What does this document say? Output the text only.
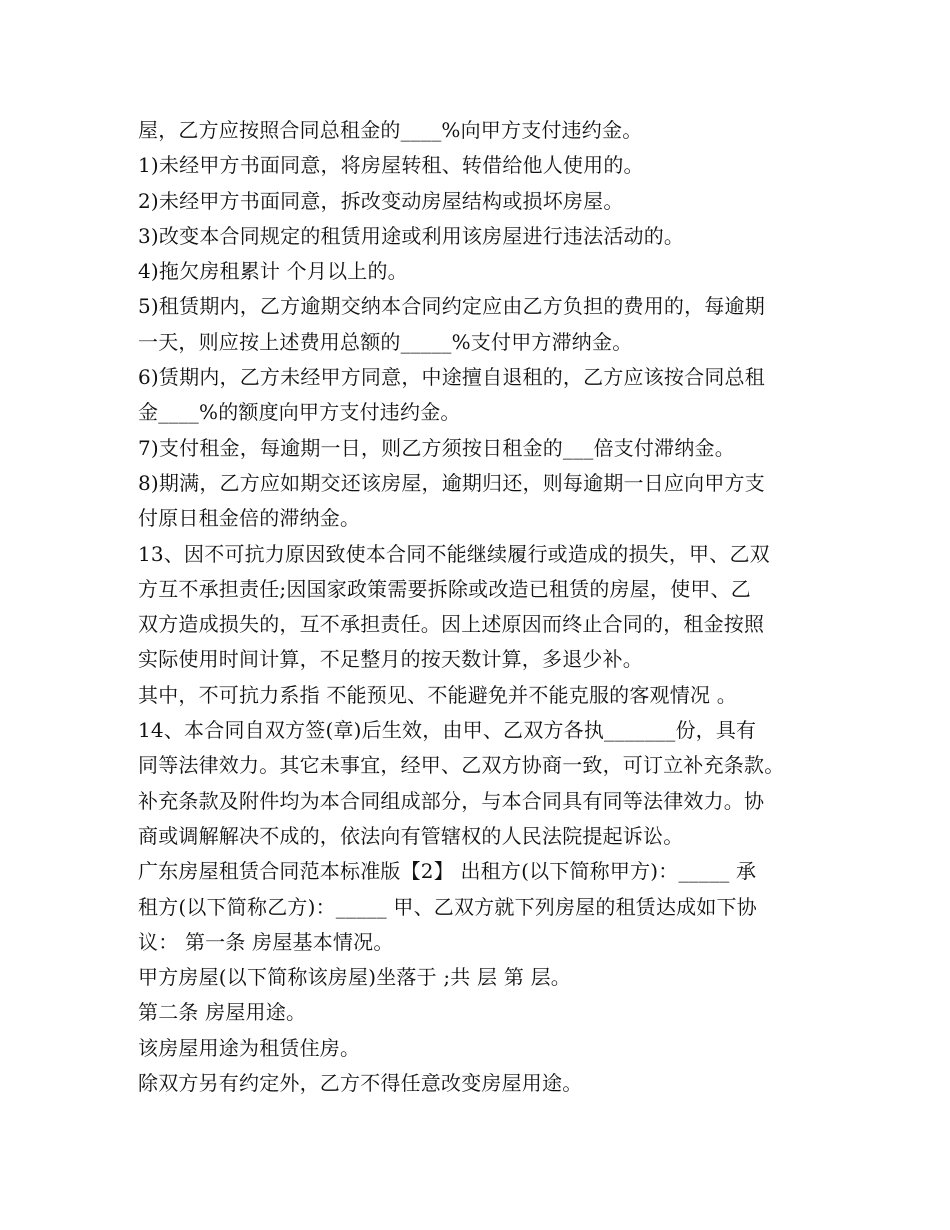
屋，乙方应按照合同总租金的____%向甲方支付违约金。
1)未经甲方书面同意，将房屋转租、转借给他人使用的。
2)未经甲方书面同意，拆改变动房屋结构或损坏房屋。
3)改变本合同规定的租赁用途或利用该房屋进行违法活动的。
4)拖欠房租累计 个月以上的。
5)租赁期内，乙方逾期交纳本合同约定应由乙方负担的费用的，每逾期
一天，则应按上述费用总额的_____%支付甲方滞纳金。
6)赁期内，乙方未经甲方同意，中途擅自退租的，乙方应该按合同总租
金____%的额度向甲方支付违约金。
7)支付租金，每逾期一日，则乙方须按日租金的___倍支付滞纳金。
8)期满，乙方应如期交还该房屋，逾期归还，则每逾期一日应向甲方支
付原日租金倍的滞纳金。
13、因不可抗力原因致使本合同不能继续履行或造成的损失，甲、乙双
方互不承担责任;因国家政策需要拆除或改造已租赁的房屋，使甲、乙
双方造成损失的，互不承担责任。因上述原因而终止合同的，租金按照
实际使用时间计算，不足整月的按天数计算，多退少补。
其中，不可抗力系指 不能预见、不能避免并不能克服的客观情况 。
14、本合同自双方签(章)后生效，由甲、乙双方各执_______份，具有
同等法律效力。其它未事宜，经甲、乙双方协商一致，可订立补充条款。
补充条款及附件均为本合同组成部分，与本合同具有同等法律效力。协
商或调解解决不成的，依法向有管辖权的人民法院提起诉讼。
广东房屋租赁合同范本标准版【2】 出租方(以下简称甲方)：_____ 承
租方(以下简称乙方)：_____ 甲、乙双方就下列房屋的租赁达成如下协
议： 第一条 房屋基本情况。
甲方房屋(以下简称该房屋)坐落于 ;共 层 第 层。
第二条 房屋用途。
该房屋用途为租赁住房。
除双方另有约定外，乙方不得任意改变房屋用途。
